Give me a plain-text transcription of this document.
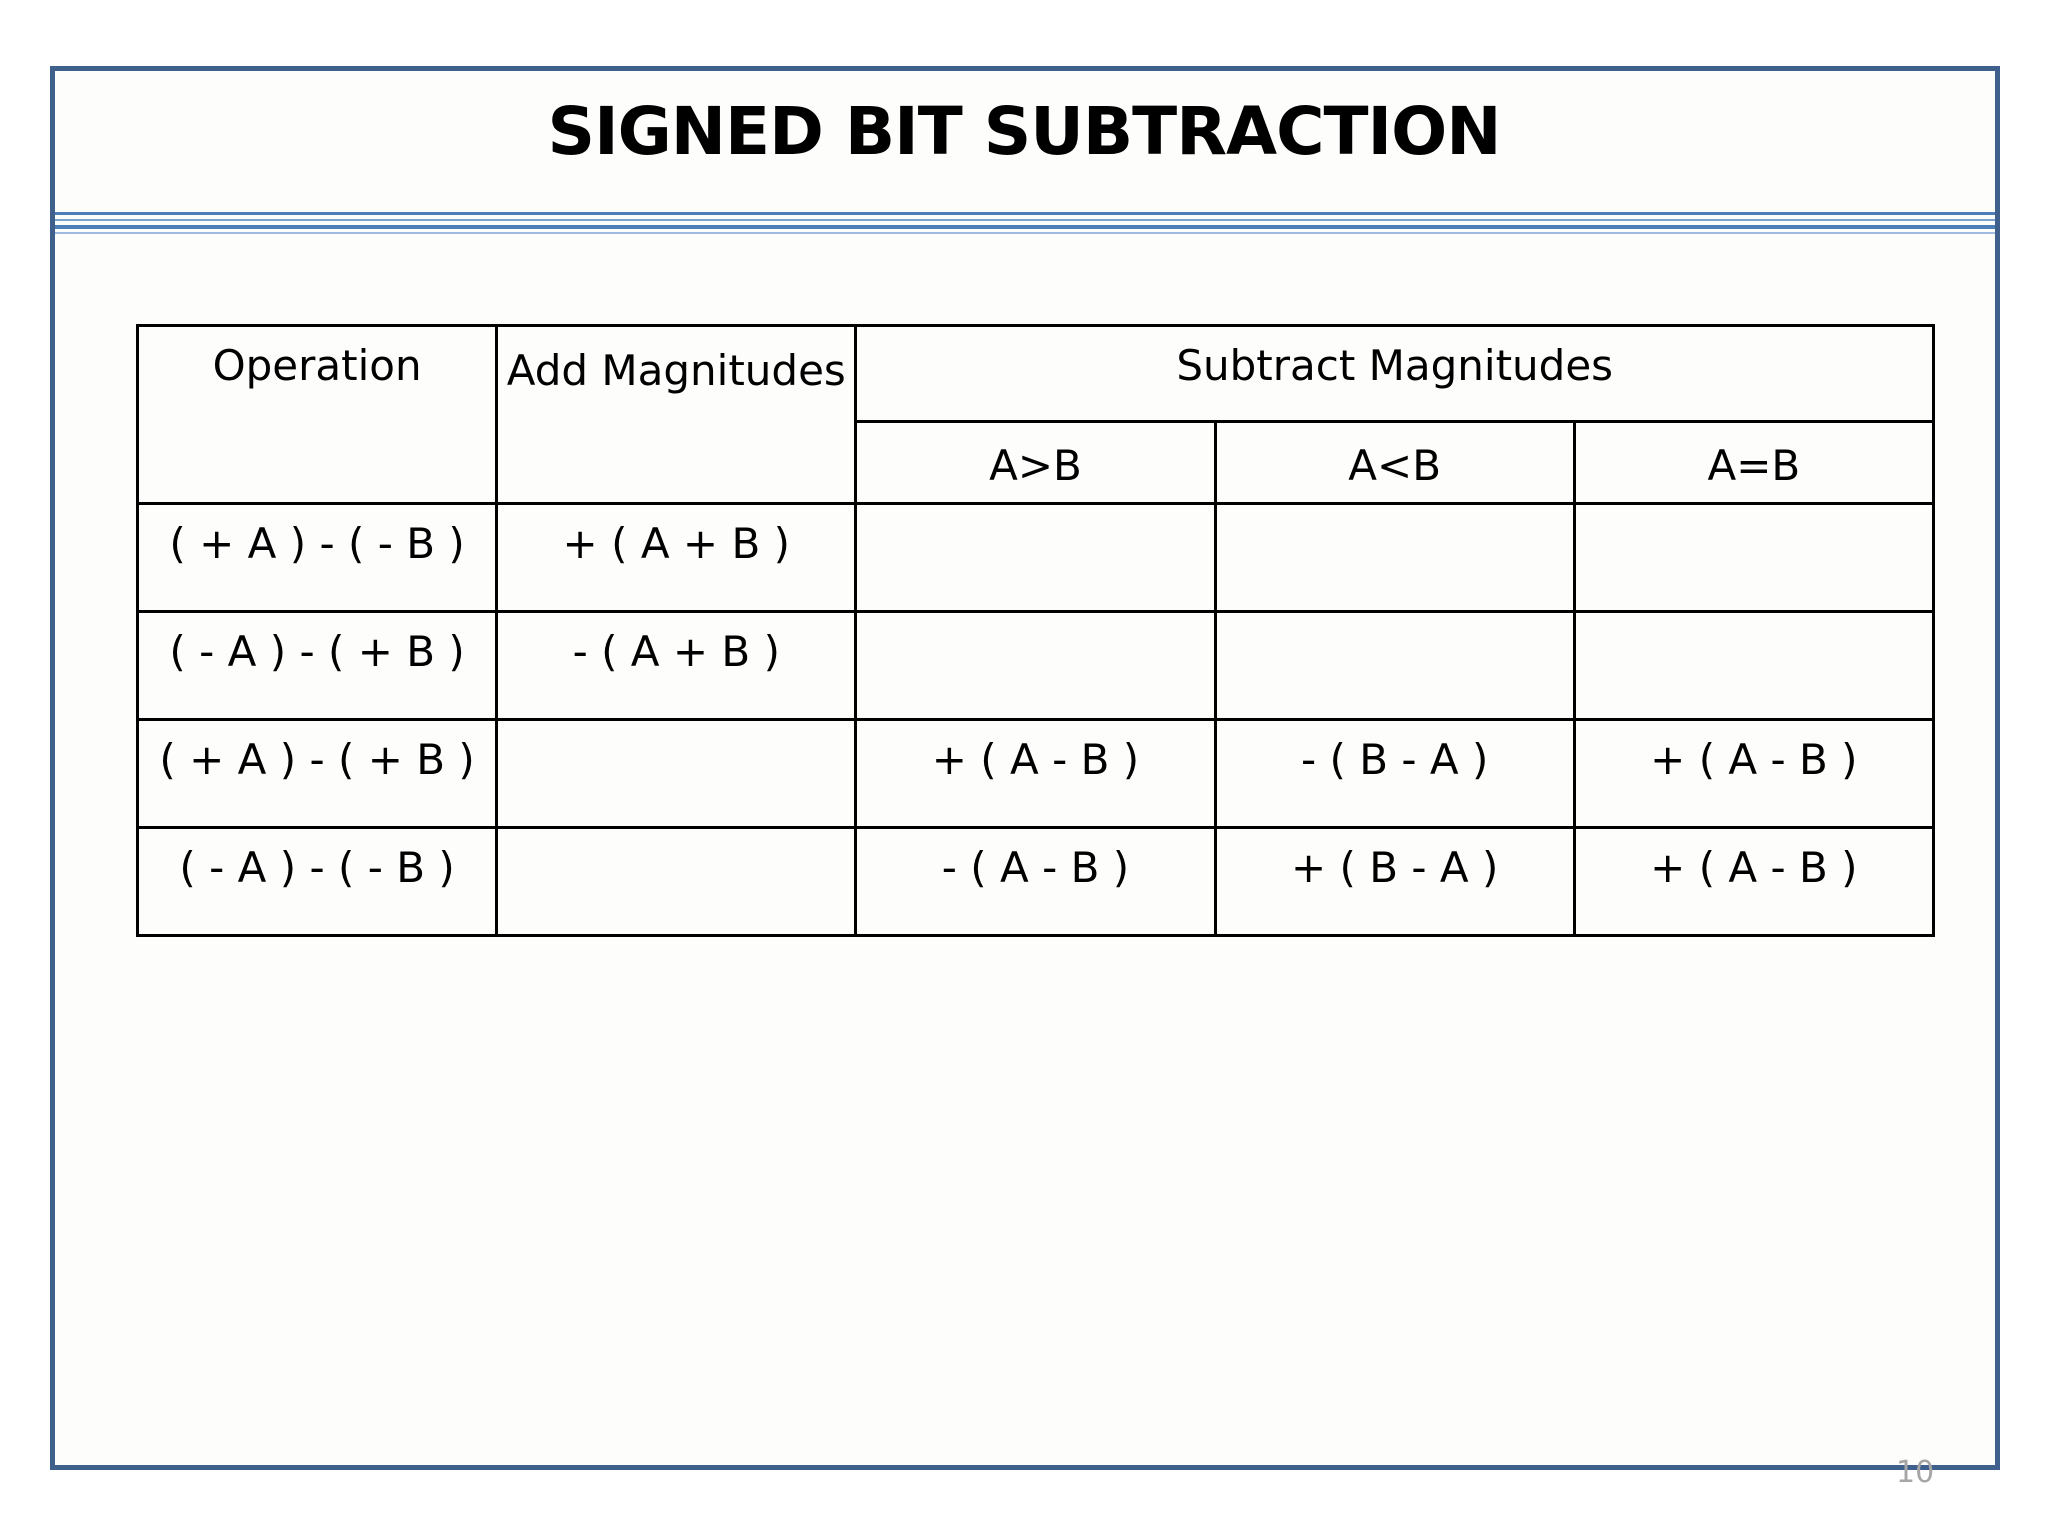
SIGNED BIT SUBTRACTION
Operation	Add Magnitudes	Subtract Magnitudes		
		A>B	A<B	A=B
( + A ) - ( - B )	+ ( A + B )			
( - A ) - ( + B )	- ( A + B )			
( + A ) - ( + B )		+ ( A - B )	- ( B - A )	+ ( A - B )
( - A ) - ( - B )		- ( A - B )	+ ( B - A )	+ ( A - B )
10
